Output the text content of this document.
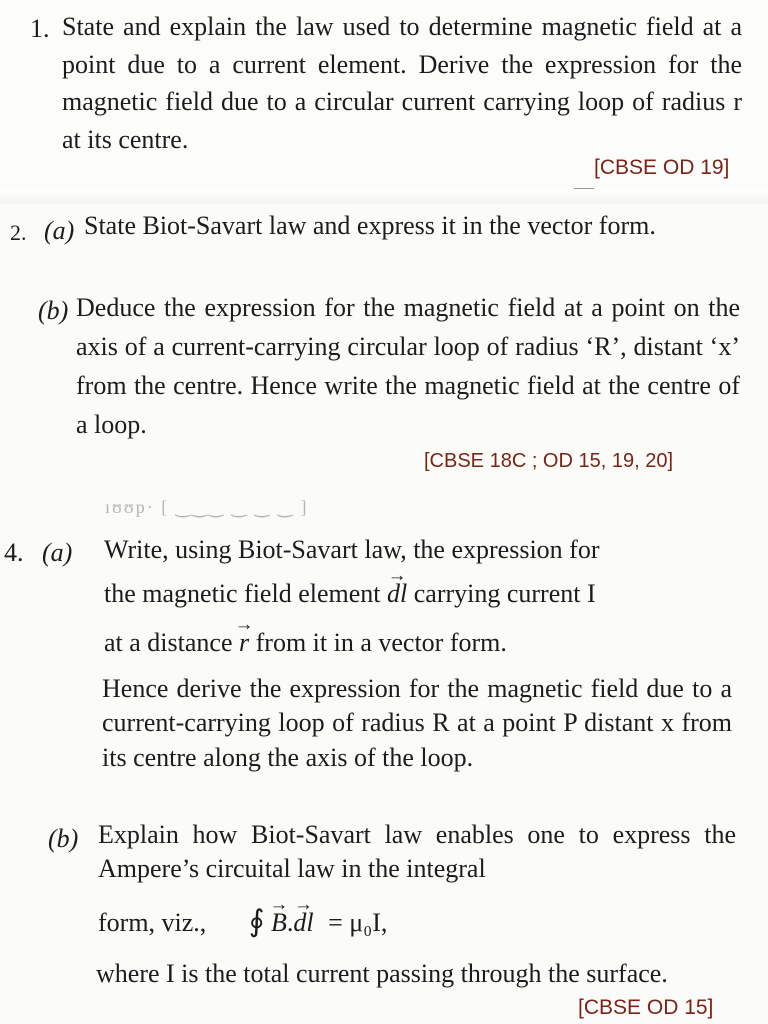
1. State and explain the law used to determine magnetic field at a point due to a current element. Derive the expression for the magnetic field due to a circular current carrying loop of radius r at its centre.
[CBSE OD 19]
2. (a) State Biot-Savart law and express it in the vector form.
(b) Deduce the expression for the magnetic field at a point on the axis of a current-carrying circular loop of radius ‘R’, distant ‘x’ from the centre. Hence write the magnetic field at the centre of a loop.
[CBSE 18C ; OD 15, 19, 20]
ıʊʊp· [ ‿‿‿ ‿ ‿ ‿ ]
4. (a) Write, using Biot-Savart law, the expression for
the magnetic field element → dl carrying current I
at a distance → r from it in a vector form.
Hence derive the expression for the magnetic field due to a current-carrying loop of radius R at a point P distant x from its centre along the axis of the loop.
(b) Explain how Biot-Savart law enables one to express the Ampere’s circuital law in the integral
form, viz., ∮ → B.→ dl = μ₀I,
where I is the total current passing through the surface.
[CBSE OD 15]
